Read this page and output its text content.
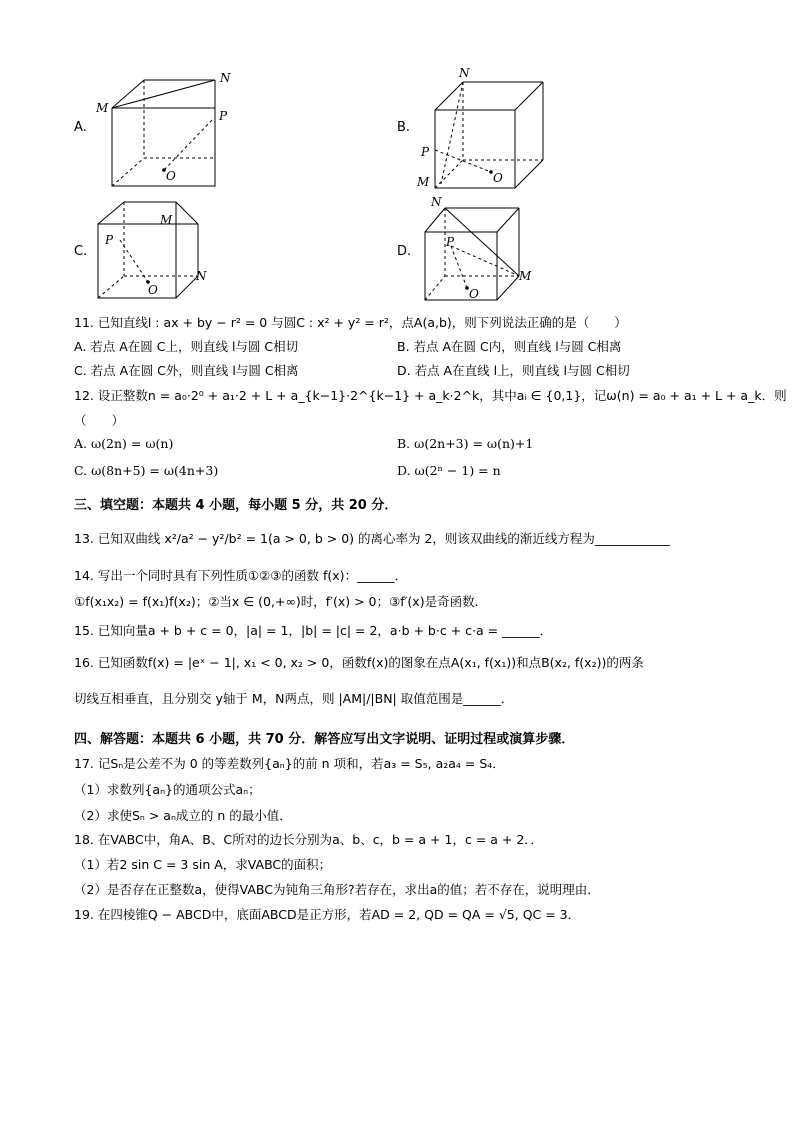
A.
M
N
P
O
B.
M
N
P
O
C.
M
N
P
O
D.
M
N
P
O
11. 已知直线l : ax + by − r² = 0 与圆C : x² + y² = r²，点A(a,b)，则下列说法正确的是（　　）
A. 若点 A在圆 C上，则直线 l与圆 C相切	B. 若点 A在圆 C内，则直线 l与圆 C相离
C. 若点 A在圆 C外，则直线 l与圆 C相离	D. 若点 A在直线 l上，则直线 l与圆 C相切
12. 设正整数n = a₀·2⁰ + a₁·2 + L + a_{k−1}·2^{k−1} + a_k·2^k，其中aᵢ ∈ {0,1}，记ω(n) = a₀ + a₁ + L + a_k．则
（　　）
A. ω(2n) = ω(n)	B. ω(2n+3) = ω(n)+1
C. ω(8n+5) = ω(4n+3)	D. ω(2ⁿ − 1) = n
三、填空题：本题共 4 小题，每小题 5 分，共 20 分．
13. 已知双曲线 x²/a² − y²/b² = 1(a > 0, b > 0) 的离心率为 2，则该双曲线的渐近线方程为____________
14. 写出一个同时具有下列性质①②③的函数 f(x)：______．
①f(x₁x₂) = f(x₁)f(x₂)；②当x ∈ (0,+∞)时，f′(x) > 0；③f′(x)是奇函数．
15. 已知向量a + b + c = 0，|a| = 1，|b| = |c| = 2，a·b + b·c + c·a = ______．
16. 已知函数f(x) = |eˣ − 1|, x₁ < 0, x₂ > 0，函数f(x)的图象在点A(x₁, f(x₁))和点B(x₂, f(x₂))的两条
切线互相垂直，且分别交 y轴于 M，N两点，则 |AM|/|BN| 取值范围是______．
四、解答题：本题共 6 小题，共 70 分．解答应写出文字说明、证明过程或演算步骤．
17. 记Sₙ是公差不为 0 的等差数列{aₙ}的前 n 项和，若a₃ = S₅, a₂a₄ = S₄．
（1）求数列{aₙ}的通项公式aₙ；
（2）求使Sₙ > aₙ成立的 n 的最小值．
18. 在VABC中，角A、B、C所对的边长分别为a、b、c，b = a + 1，c = a + 2．．
（1）若2 sin C = 3 sin A，求VABC的面积；
（2）是否存在正整数a，使得VABC为钝角三角形?若存在，求出a的值；若不存在，说明理由．
19. 在四棱锥Q − ABCD中，底面ABCD是正方形，若AD = 2, QD = QA = √5, QC = 3．
